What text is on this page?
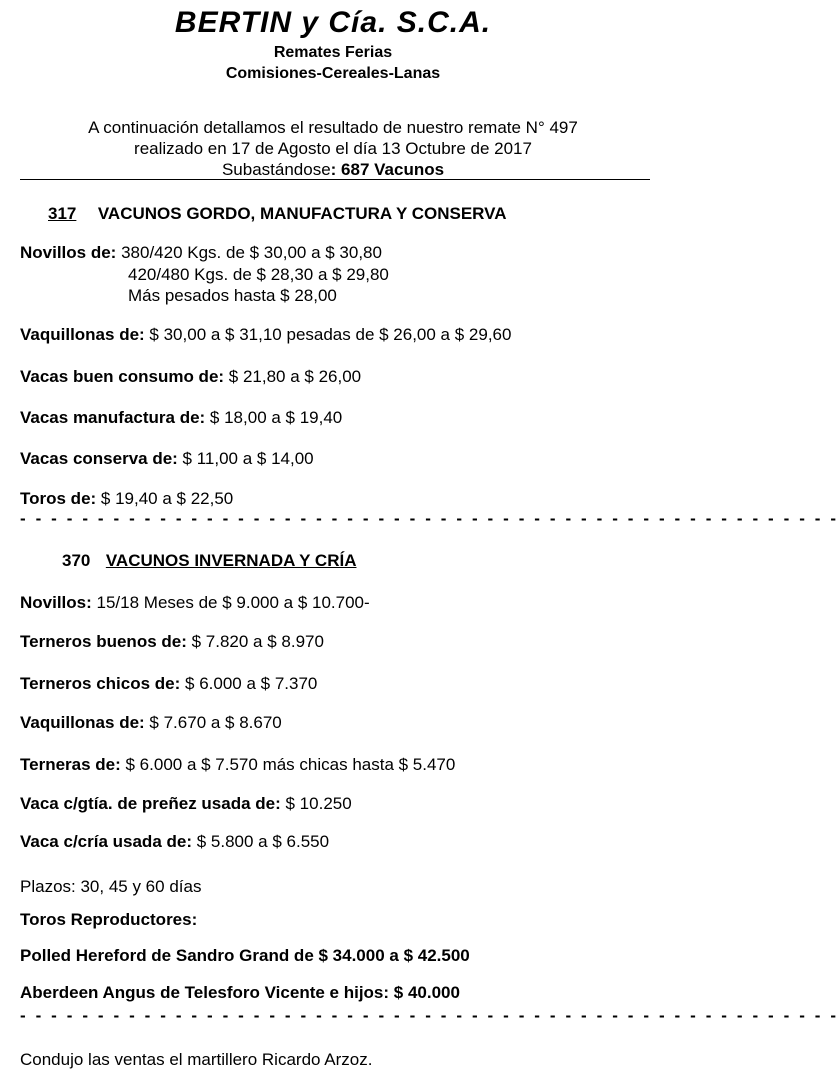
BERTIN y Cía. S.C.A.
Remates Ferias
Comisiones-Cereales-Lanas
A continuación detallamos el resultado de nuestro remate N° 497
realizado en 17 de Agosto el día 13 Octubre de 2017
Subastándose: 687 Vacunos
317 VACUNOS GORDO, MANUFACTURA Y CONSERVA
Novillos de: 380/420 Kgs. de $ 30,00 a $ 30,80
420/480 Kgs. de $ 28,30 a $ 29,80
Más pesados hasta $ 28,00
Vaquillonas de: $ 30,00 a $ 31,10 pesadas de $ 26,00 a $ 29,60
Vacas buen consumo de: $ 21,80 a $ 26,00
Vacas manufactura de: $ 18,00 a $ 19,40
Vacas conserva de: $ 11,00 a $ 14,00
Toros de: $ 19,40 a $ 22,50
- - - - - - - - - - - - - - - - - - - - - - - - - - - - - - - - - - - - - - - - - - - - - - - - - - - - -
370 VACUNOS INVERNADA Y CRÍA
Novillos: 15/18 Meses de $ 9.000 a $ 10.700-
Terneros buenos de: $ 7.820 a $ 8.970
Terneros chicos de: $ 6.000 a $ 7.370
Vaquillonas de: $ 7.670 a $ 8.670
Terneras de: $ 6.000 a $ 7.570 más chicas hasta $ 5.470
Vaca c/gtía. de preñez usada de: $ 10.250
Vaca c/cría usada de: $ 5.800 a $ 6.550
Plazos: 30, 45 y 60 días
Toros Reproductores:
Polled Hereford de Sandro Grand de $ 34.000 a $ 42.500
Aberdeen Angus de Telesforo Vicente e hijos: $ 40.000
- - - - - - - - - - - - - - - - - - - - - - - - - - - - - - - - - - - - - - - - - - - - - - - - - - - - -
Condujo las ventas el martillero Ricardo Arzoz.
